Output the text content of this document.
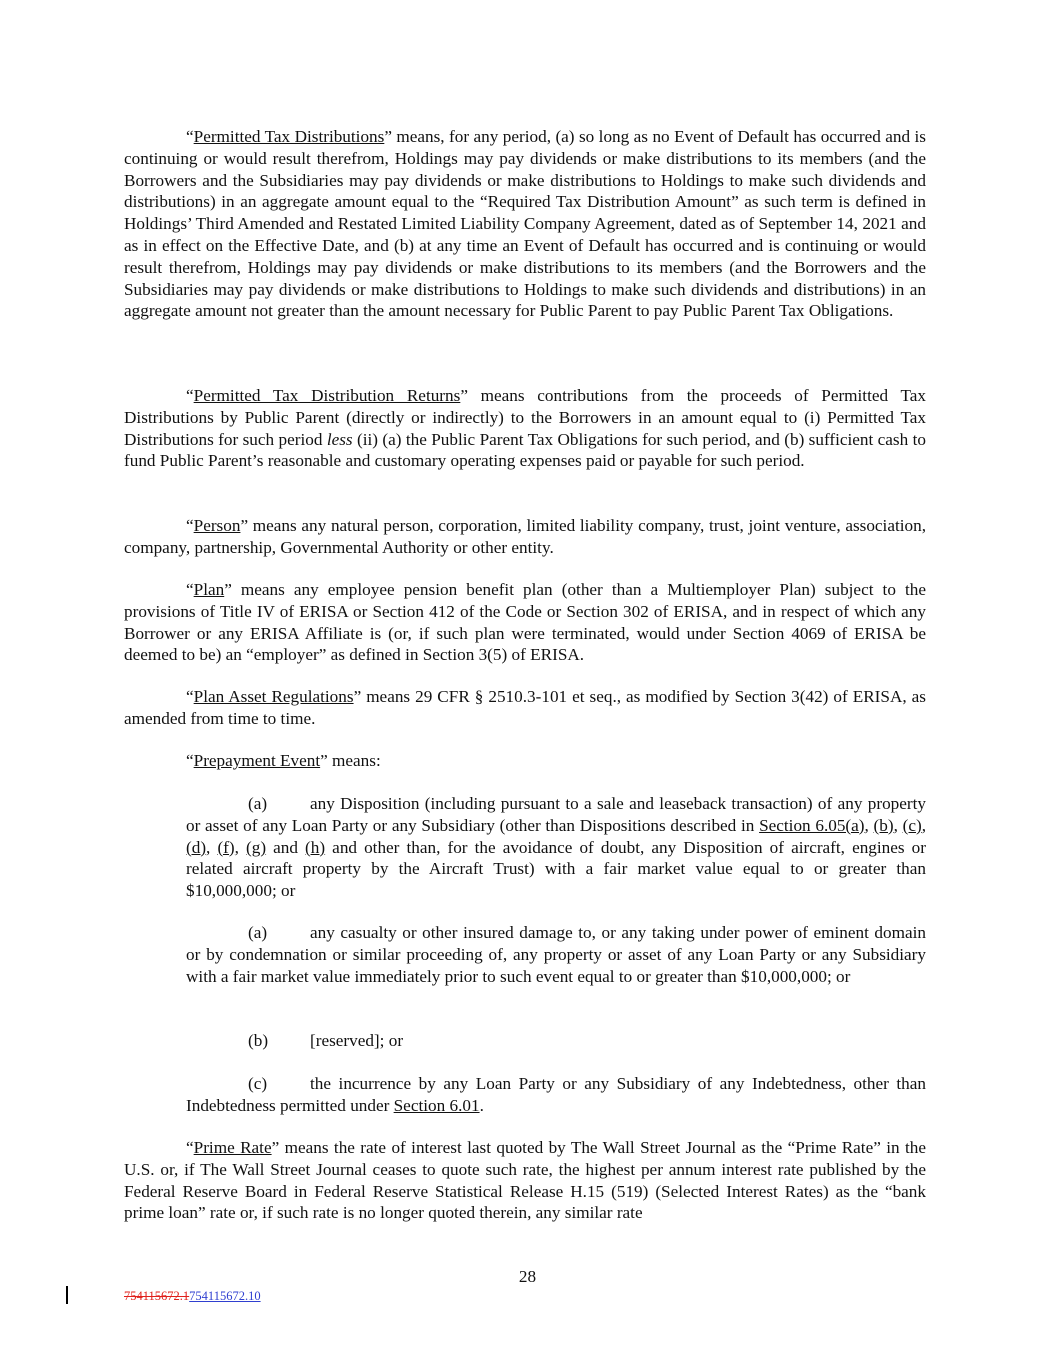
“Permitted Tax Distributions” means, for any period, (a) so long as no Event of Default has occurred and is continuing or would result therefrom, Holdings may pay dividends or make distributions to its members (and the Borrowers and the Subsidiaries may pay dividends or make distributions to Holdings to make such dividends and distributions) in an aggregate amount equal to the “Required Tax Distribution Amount” as such term is defined in Holdings’ Third Amended and Restated Limited Liability Company Agreement, dated as of September 14, 2021 and as in effect on the Effective Date, and (b) at any time an Event of Default has occurred and is continuing or would result therefrom, Holdings may pay dividends or make distributions to its members (and the Borrowers and the Subsidiaries may pay dividends or make distributions to Holdings to make such dividends and distributions) in an aggregate amount not greater than the amount necessary for Public Parent to pay Public Parent Tax Obligations.

“Permitted Tax Distribution Returns” means contributions from the proceeds of Permitted Tax Distributions by Public Parent (directly or indirectly) to the Borrowers in an amount equal to (i) Permitted Tax Distributions for such period less (ii) (a) the Public Parent Tax Obligations for such period, and (b) sufficient cash to fund Public Parent’s reasonable and customary operating expenses paid or payable for such period.

“Person” means any natural person, corporation, limited liability company, trust, joint venture, association, company, partnership, Governmental Authority or other entity.

“Plan” means any employee pension benefit plan (other than a Multiemployer Plan) subject to the provisions of Title IV of ERISA or Section 412 of the Code or Section 302 of ERISA, and in respect of which any Borrower or any ERISA Affiliate is (or, if such plan were terminated, would under Section 4069 of ERISA be deemed to be) an “employer” as defined in Section 3(5) of ERISA.

“Plan Asset Regulations” means 29 CFR § 2510.3-101 et seq., as modified by Section 3(42) of ERISA, as amended from time to time.

“Prepayment Event” means:

(a) any Disposition (including pursuant to a sale and leaseback transaction) of any property or asset of any Loan Party or any Subsidiary (other than Dispositions described in Section 6.05(a), (b), (c), (d), (f), (g) and (h) and other than, for the avoidance of doubt, any Disposition of aircraft, engines or related aircraft property by the Aircraft Trust) with a fair market value equal to or greater than $10,000,000; or

(a) any casualty or other insured damage to, or any taking under power of eminent domain or by condemnation or similar proceeding of, any property or asset of any Loan Party or any Subsidiary with a fair market value immediately prior to such event equal to or greater than $10,000,000; or

(b) [reserved]; or

(c) the incurrence by any Loan Party or any Subsidiary of any Indebtedness, other than Indebtedness permitted under Section 6.01.

“Prime Rate” means the rate of interest last quoted by The Wall Street Journal as the “Prime Rate” in the U.S. or, if The Wall Street Journal ceases to quote such rate, the highest per annum interest rate published by the Federal Reserve Board in Federal Reserve Statistical Release H.15 (519) (Selected Interest Rates) as the “bank prime loan” rate or, if such rate is no longer quoted therein, any similar rate

28
754115672.1754115672.10
